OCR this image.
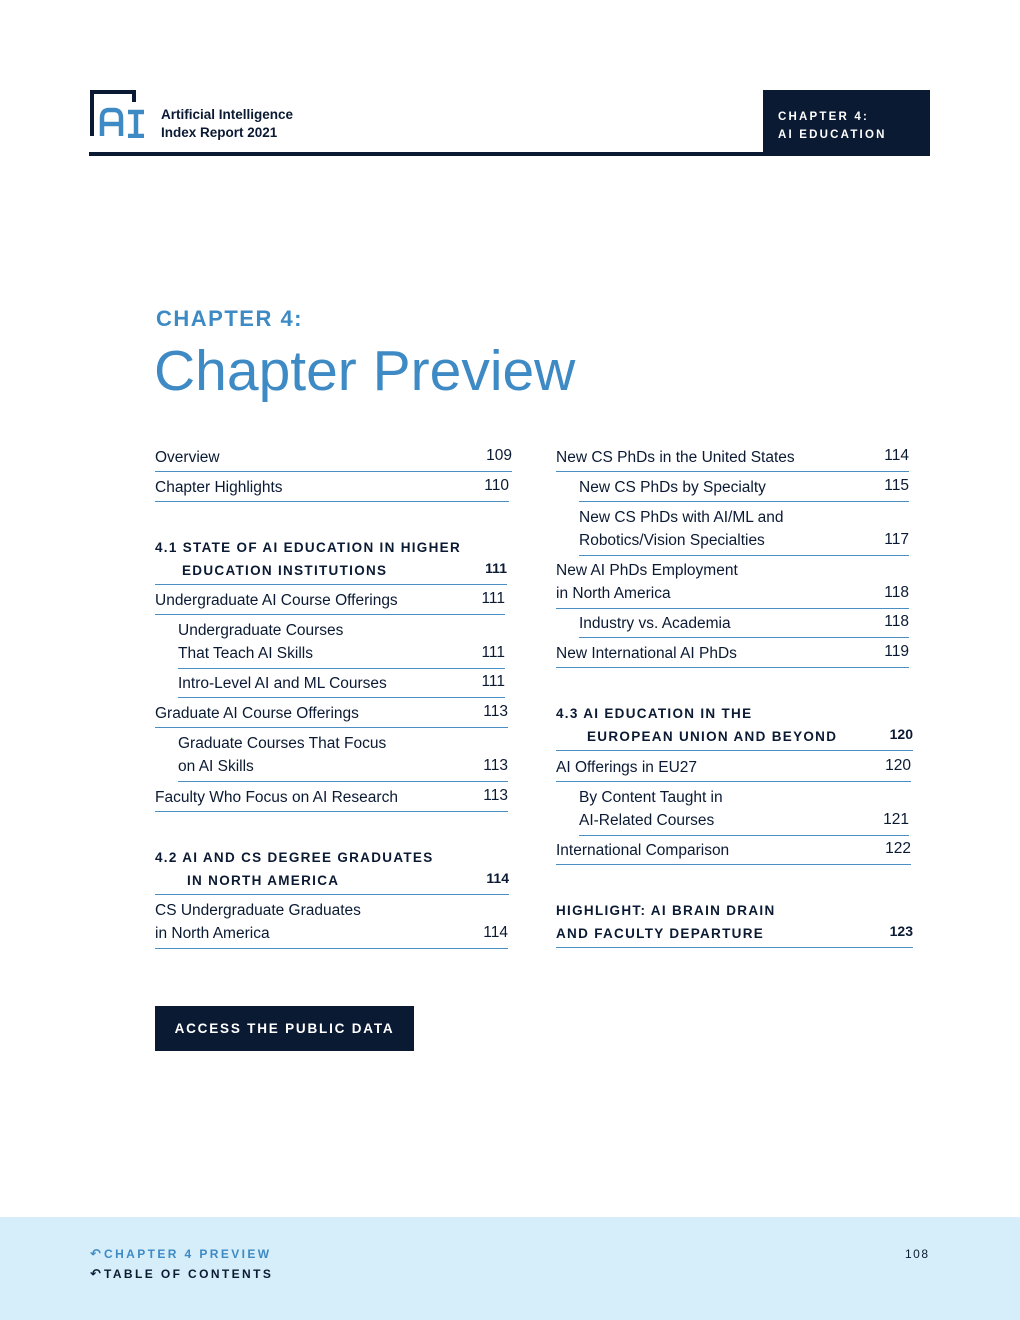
Artificial Intelligence
Index Report 2021
CHAPTER 4:
AI EDUCATION
CHAPTER 4:
Chapter Preview
Overview	109
Chapter Highlights	110
4.1 STATE OF AI EDUCATION IN HIGHER
EDUCATION INSTITUTIONS	111
Undergraduate AI Course Offerings	111
Undergraduate Courses
That Teach AI Skills	111
Intro-Level AI and ML Courses	111
Graduate AI Course Offerings	113
Graduate Courses That Focus
on AI Skills	113
Faculty Who Focus on AI Research	113
4.2 AI AND CS DEGREE GRADUATES
IN NORTH AMERICA	114
CS Undergraduate Graduates
in North America	114
New CS PhDs in the United States	114
New CS PhDs by Specialty	115
New CS PhDs with AI/ML and
Robotics/Vision Specialties	117
New AI PhDs Employment
in North America	118
Industry vs. Academia	118
New International AI PhDs	119
4.3 AI EDUCATION IN THE
EUROPEAN UNION AND BEYOND	120
AI Offerings in EU27	120
By Content Taught in
AI-Related Courses	121
International Comparison	122
HIGHLIGHT: AI BRAIN DRAIN
AND FACULTY DEPARTURE	123
ACCESS THE PUBLIC DATA
↶ CHAPTER 4 PREVIEW
↶ TABLE OF CONTENTS
108
